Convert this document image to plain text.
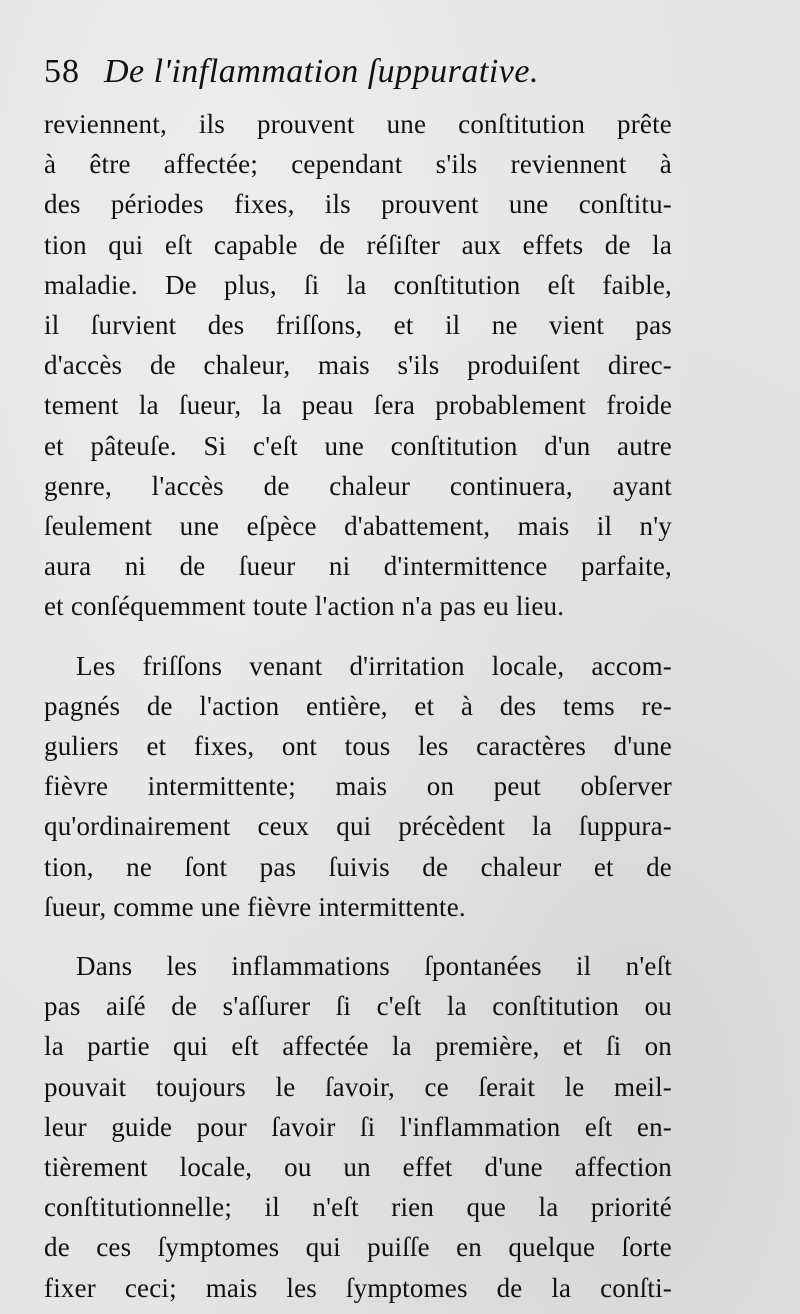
58 De l'inflammation ſuppurative.

reviennent, ils prouvent une conſtitution prête
à être affectée; cependant s'ils reviennent à
des périodes fixes, ils prouvent une conſtitu-
tion qui eſt capable de réſiſter aux effets de la
maladie. De plus, ſi la conſtitution eſt faible,
il ſurvient des friſſons, et il ne vient pas
d'accès de chaleur, mais s'ils produiſent direc-
tement la ſueur, la peau ſera probablement froide
et pâteuſe. Si c'eſt une conſtitution d'un autre
genre, l'accès de chaleur continuera, ayant
ſeulement une eſpèce d'abattement, mais il n'y
aura ni de ſueur ni d'intermittence parfaite,
et conſéquemment toute l'action n'a pas eu lieu.

Les friſſons venant d'irritation locale, accom-
pagnés de l'action entière, et à des tems re-
guliers et fixes, ont tous les caractères d'une
fièvre intermittente; mais on peut obſerver
qu'ordinairement ceux qui précèdent la ſuppura-
tion, ne ſont pas ſuivis de chaleur et de
ſueur, comme une fièvre intermittente.

Dans les inflammations ſpontanées il n'eſt
pas aiſé de s'aſſurer ſi c'eſt la conſtitution ou
la partie qui eſt affectée la première, et ſi on
pouvait toujours le ſavoir, ce ſerait le meil-
leur guide pour ſavoir ſi l'inflammation eſt en-
tièrement locale, ou un effet d'une affection
conſtitutionnelle; il n'eſt rien que la priorité
de ces ſymptomes qui puiſſe en quelque ſorte
fixer ceci; mais les ſymptomes de la conſti-
